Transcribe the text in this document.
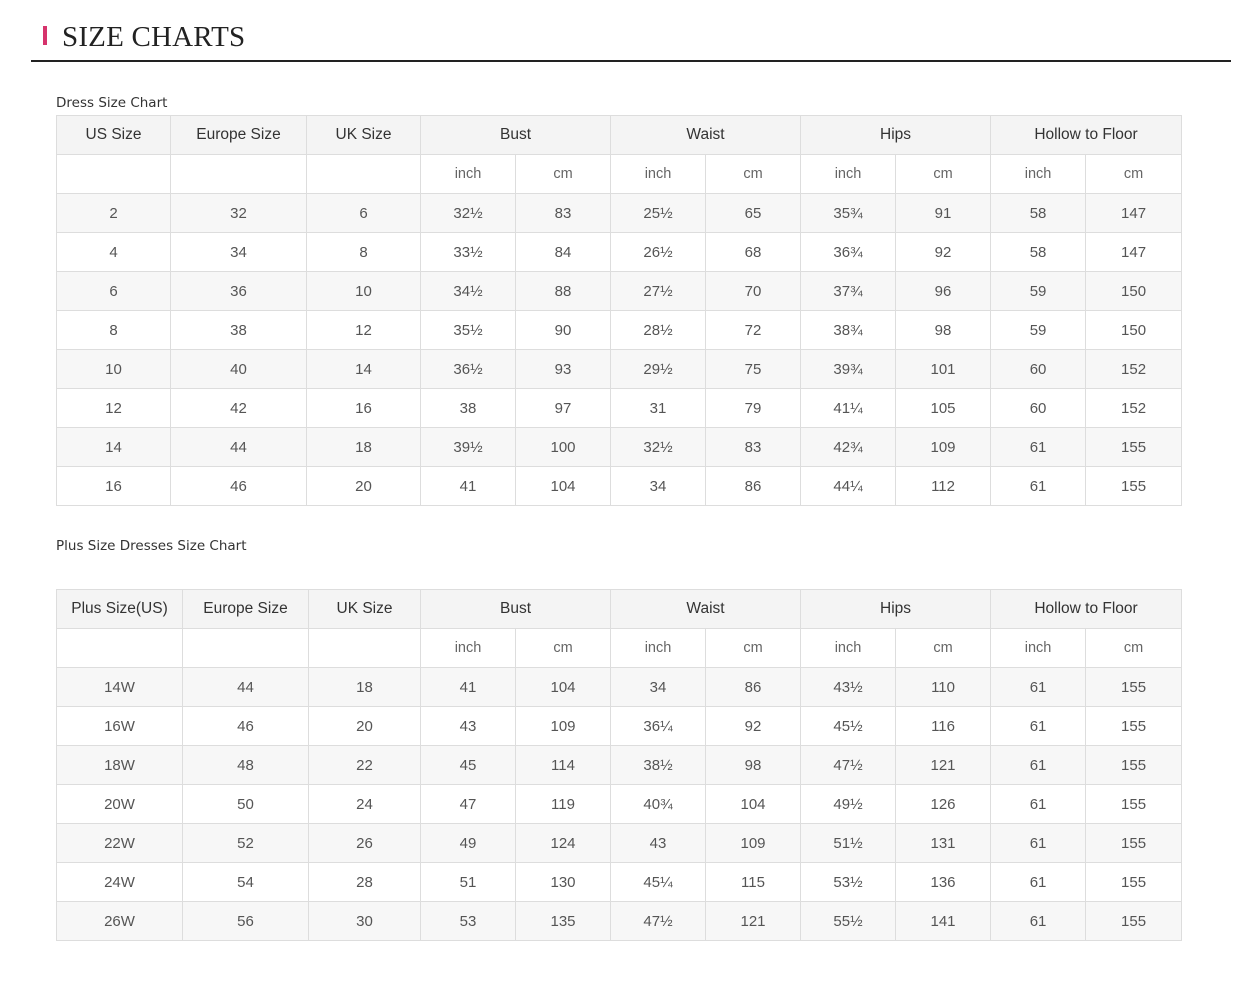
SIZE CHARTS
Dress Size Chart
US Size	Europe Size	UK Size	Bust		Waist		Hips		Hollow to Floor	
			inch	cm	inch	cm	inch	cm	inch	cm
2	32	6	32½	83	25½	65	35¾	91	58	147
4	34	8	33½	84	26½	68	36¾	92	58	147
6	36	10	34½	88	27½	70	37¾	96	59	150
8	38	12	35½	90	28½	72	38¾	98	59	150
10	40	14	36½	93	29½	75	39¾	101	60	152
12	42	16	38	97	31	79	41¼	105	60	152
14	44	18	39½	100	32½	83	42¾	109	61	155
16	46	20	41	104	34	86	44¼	112	61	155
Plus Size Dresses Size Chart
Plus Size(US)	Europe Size	UK Size	Bust		Waist		Hips		Hollow to Floor	
			inch	cm	inch	cm	inch	cm	inch	cm
14W	44	18	41	104	34	86	43½	110	61	155
16W	46	20	43	109	36¼	92	45½	116	61	155
18W	48	22	45	114	38½	98	47½	121	61	155
20W	50	24	47	119	40¾	104	49½	126	61	155
22W	52	26	49	124	43	109	51½	131	61	155
24W	54	28	51	130	45¼	115	53½	136	61	155
26W	56	30	53	135	47½	121	55½	141	61	155
